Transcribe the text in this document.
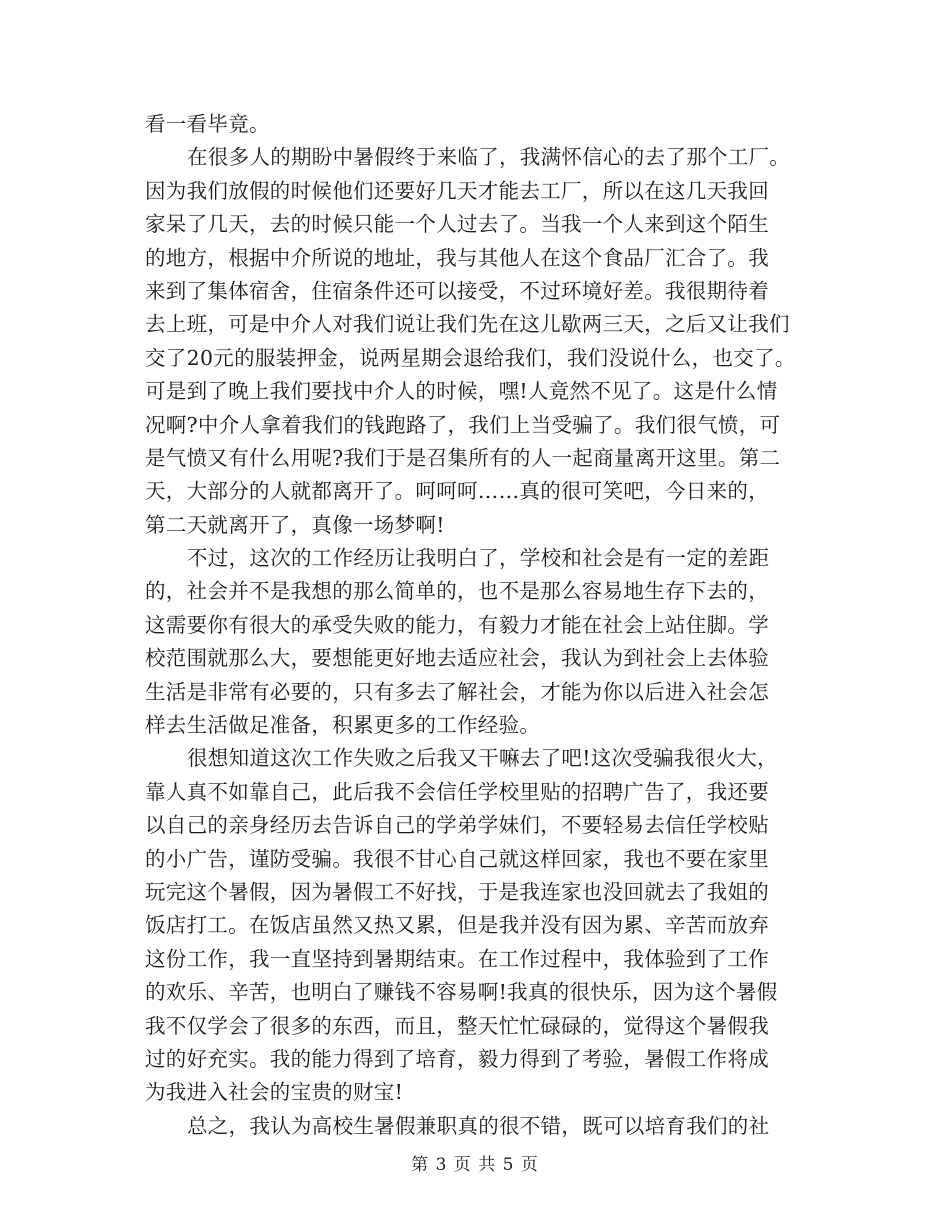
看一看毕竟。
在很多人的期盼中暑假终于来临了，我满怀信心的去了那个工厂。
因为我们放假的时候他们还要好几天才能去工厂，所以在这几天我回
家呆了几天，去的时候只能一个人过去了。当我一个人来到这个陌生
的地方，根据中介所说的地址，我与其他人在这个食品厂汇合了。我
来到了集体宿舍，住宿条件还可以接受，不过环境好差。我很期待着
去上班，可是中介人对我们说让我们先在这儿歇两三天，之后又让我们
交了20元的服装押金，说两星期会退给我们，我们没说什么，也交了。
可是到了晚上我们要找中介人的时候，嘿!人竟然不见了。这是什么情
况啊?中介人拿着我们的钱跑路了，我们上当受骗了。我们很气愤，可
是气愤又有什么用呢?我们于是召集所有的人一起商量离开这里。第二
天，大部分的人就都离开了。呵呵呵……真的很可笑吧，今日来的，
第二天就离开了，真像一场梦啊!
不过，这次的工作经历让我明白了，学校和社会是有一定的差距
的，社会并不是我想的那么简单的，也不是那么容易地生存下去的，
这需要你有很大的承受失败的能力，有毅力才能在社会上站住脚。学
校范围就那么大，要想能更好地去适应社会，我认为到社会上去体验
生活是非常有必要的，只有多去了解社会，才能为你以后进入社会怎
样去生活做足准备，积累更多的工作经验。
很想知道这次工作失败之后我又干嘛去了吧!这次受骗我很火大，
靠人真不如靠自己，此后我不会信任学校里贴的招聘广告了，我还要
以自己的亲身经历去告诉自己的学弟学妹们，不要轻易去信任学校贴
的小广告，谨防受骗。我很不甘心自己就这样回家，我也不要在家里
玩完这个暑假，因为暑假工不好找，于是我连家也没回就去了我姐的
饭店打工。在饭店虽然又热又累，但是我并没有因为累、辛苦而放弃
这份工作，我一直坚持到暑期结束。在工作过程中，我体验到了工作
的欢乐、辛苦，也明白了赚钱不容易啊!我真的很快乐，因为这个暑假
我不仅学会了很多的东西，而且，整天忙忙碌碌的，觉得这个暑假我
过的好充实。我的能力得到了培育，毅力得到了考验，暑假工作将成
为我进入社会的宝贵的财宝!
总之，我认为高校生暑假兼职真的很不错，既可以培育我们的社
第 3 页 共 5 页
